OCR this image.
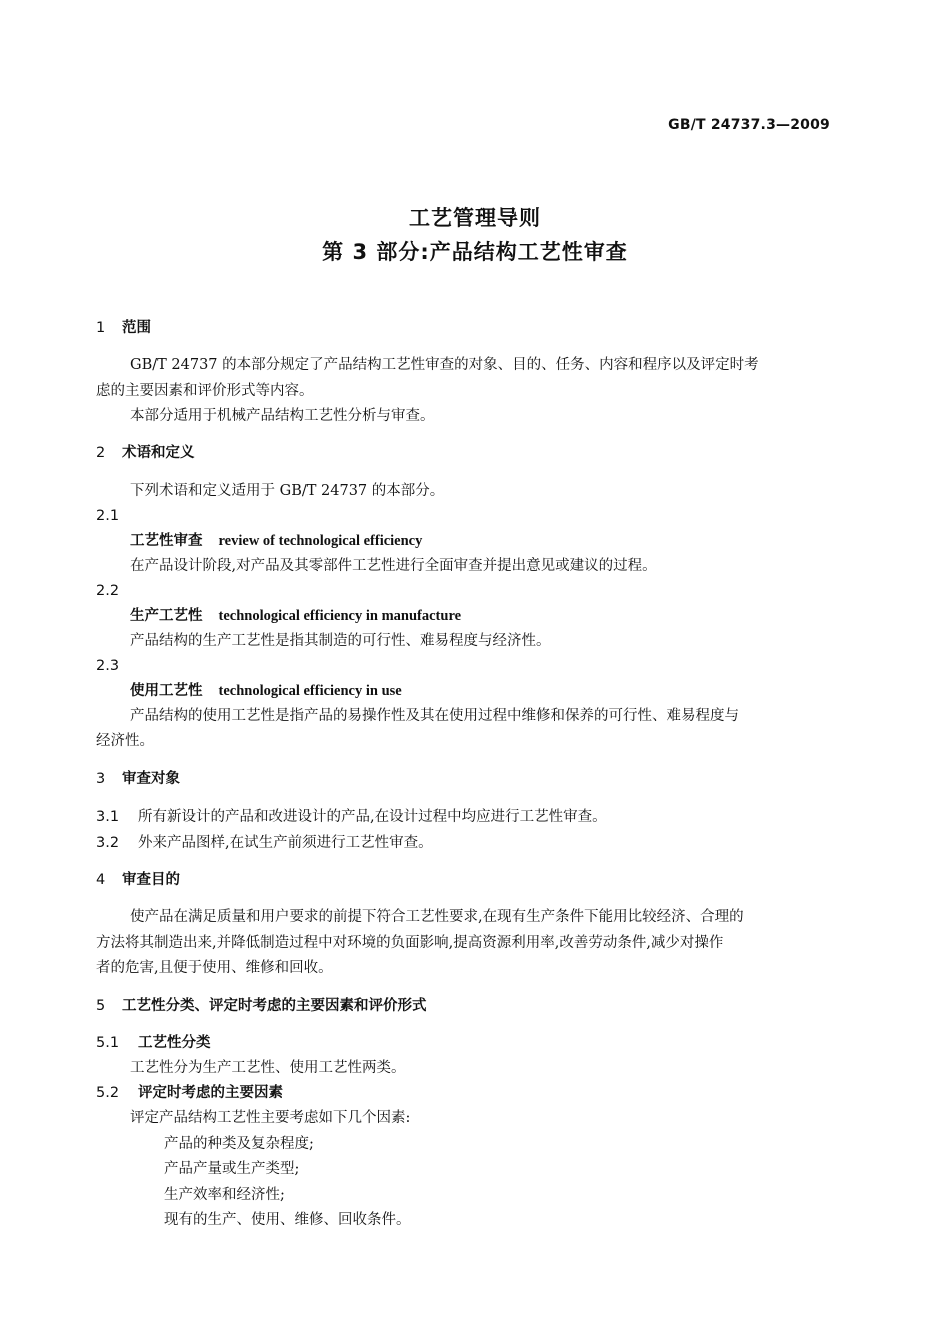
GB/T 24737.3—2009
工艺管理导则
第 3 部分:产品结构工艺性审查
1 范围
GB/T 24737 的本部分规定了产品结构工艺性审查的对象、目的、任务、内容和程序以及评定时考
虑的主要因素和评价形式等内容。
本部分适用于机械产品结构工艺性分析与审查。
2 术语和定义
下列术语和定义适用于 GB/T 24737 的本部分。
2.1
工艺性审查 review of technological efficiency
在产品设计阶段,对产品及其零部件工艺性进行全面审查并提出意见或建议的过程。
2.2
生产工艺性 technological efficiency in manufacture
产品结构的生产工艺性是指其制造的可行性、难易程度与经济性。
2.3
使用工艺性 technological efficiency in use
产品结构的使用工艺性是指产品的易操作性及其在使用过程中维修和保养的可行性、难易程度与
经济性。
3 审查对象
3.1 所有新设计的产品和改进设计的产品,在设计过程中均应进行工艺性审查。
3.2 外来产品图样,在试生产前须进行工艺性审查。
4 审查目的
使产品在满足质量和用户要求的前提下符合工艺性要求,在现有生产条件下能用比较经济、合理的
方法将其制造出来,并降低制造过程中对环境的负面影响,提高资源利用率,改善劳动条件,减少对操作
者的危害,且便于使用、维修和回收。
5 工艺性分类、评定时考虑的主要因素和评价形式
5.1 工艺性分类
工艺性分为生产工艺性、使用工艺性两类。
5.2 评定时考虑的主要因素
评定产品结构工艺性主要考虑如下几个因素:
产品的种类及复杂程度;
产品产量或生产类型;
生产效率和经济性;
现有的生产、使用、维修、回收条件。
